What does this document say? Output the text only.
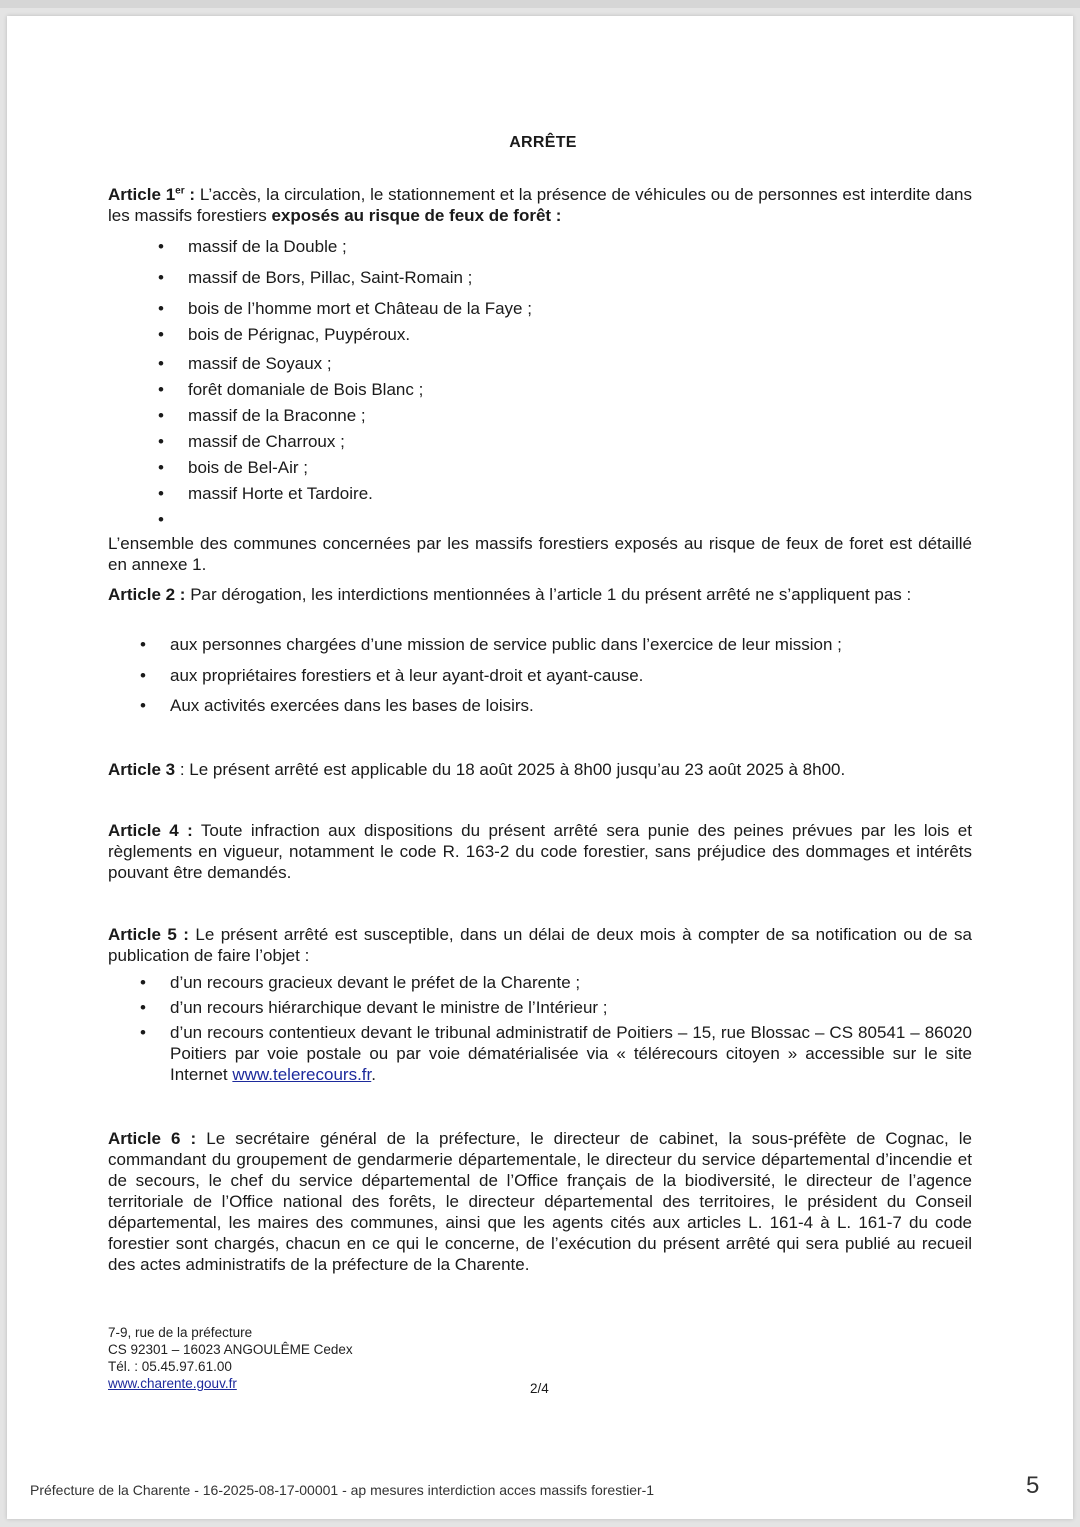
ARRÊTE
Article 1er : L’accès, la circulation, le stationnement et la présence de véhicules ou de personnes est interdite dans les massifs forestiers exposés au risque de feux de forêt :
• massif de la Double ;
• massif de Bors, Pillac, Saint-Romain ;
• bois de l’homme mort et Château de la Faye ;
• bois de Pérignac, Puypéroux.
• massif de Soyaux ;
• forêt domaniale de Bois Blanc ;
• massif de la Braconne ;
• massif de Charroux ;
• bois de Bel-Air ;
• massif Horte et Tardoire.
•
L’ensemble des communes concernées par les massifs forestiers exposés au risque de feux de foret est détaillé en annexe 1.
Article 2 : Par dérogation, les interdictions mentionnées à l’article 1 du présent arrêté ne s’appliquent pas :
• aux personnes chargées d’une mission de service public dans l’exercice de leur mission ;
• aux propriétaires forestiers et à leur ayant-droit et ayant-cause.
• Aux activités exercées dans les bases de loisirs.
Article 3 : Le présent arrêté est applicable du 18 août 2025 à 8h00 jusqu’au 23 août 2025 à 8h00.
Article 4 : Toute infraction aux dispositions du présent arrêté sera punie des peines prévues par les lois et règlements en vigueur, notamment le code R. 163-2 du code forestier, sans préjudice des dommages et intérêts pouvant être demandés.
Article 5 : Le présent arrêté est susceptible, dans un délai de deux mois à compter de sa notification ou de sa publication de faire l’objet :
• d’un recours gracieux devant le préfet de la Charente ;
• d’un recours hiérarchique devant le ministre de l’Intérieur ;
• d’un recours contentieux devant le tribunal administratif de Poitiers – 15, rue Blossac – CS 80541 – 86020 Poitiers par voie postale ou par voie dématérialisée via « télérecours citoyen » accessible sur le site Internet www.telerecours.fr.
Article 6 : Le secrétaire général de la préfecture, le directeur de cabinet, la sous-préfète de Cognac, le commandant du groupement de gendarmerie départementale, le directeur du service départemental d’incendie et de secours, le chef du service départemental de l’Office français de la biodiversité, le directeur de l’agence territoriale de l’Office national des forêts, le directeur départemental des territoires, le président du Conseil départemental, les maires des communes, ainsi que les agents cités aux articles L. 161-4 à L. 161-7 du code forestier sont chargés, chacun en ce qui le concerne, de l’exécution du présent arrêté qui sera publié au recueil des actes administratifs de la préfecture de la Charente.
7-9, rue de la préfecture
CS 92301 – 16023 ANGOULÊME Cedex
Tél. : 05.45.97.61.00
www.charente.gouv.fr	2/4
Préfecture de la Charente - 16-2025-08-17-00001 - ap mesures interdiction acces massifs forestier-1	5
